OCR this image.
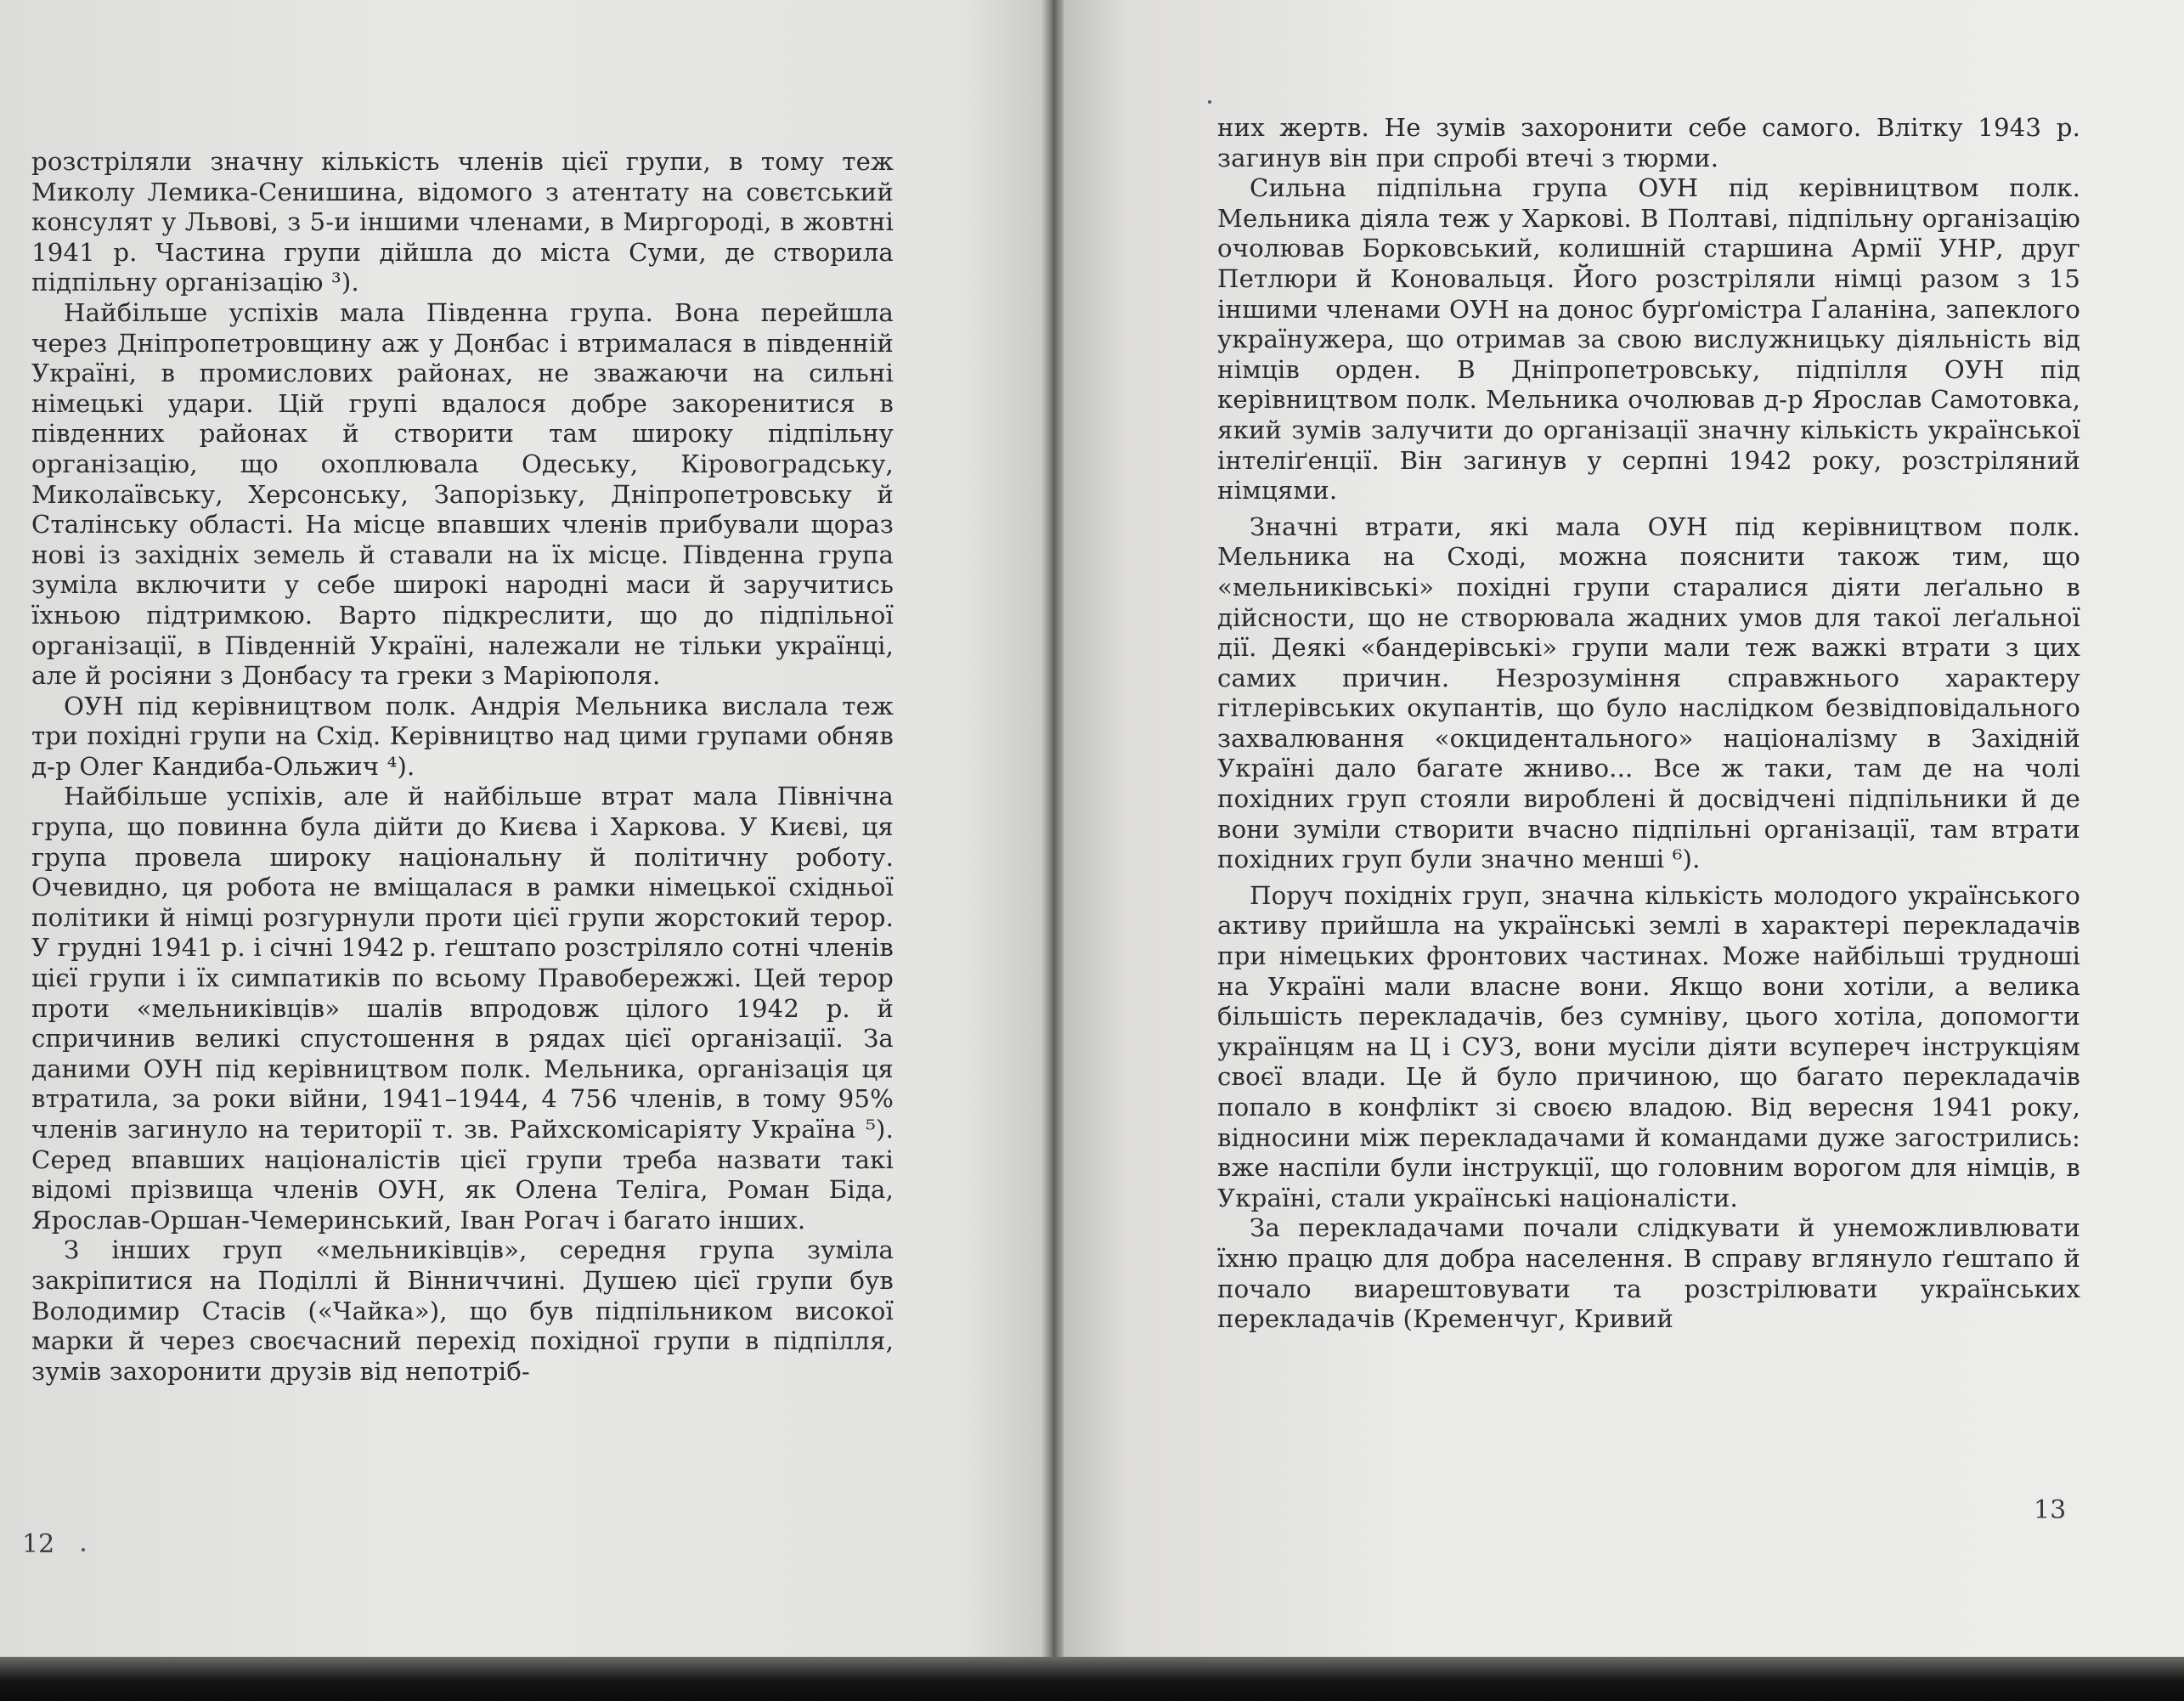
розстріляли значну кількість членів цієї групи, в тому теж Миколу Лемика-Сенишина, відомого з атентату на совєтський консулят у Львові, з 5-и іншими членами, в Миргороді, в жовтні 1941 р. Частина групи дійшла до міста Суми, де створила підпільну організацію ³).

Найбільше успіхів мала Південна група. Вона перейшла через Дніпропетровщину аж у Донбас і втрималася в південній Україні, в промислових районах, не зважаючи на сильні німецькі удари. Цій групі вдалося добре закоренитися в південних районах й створити там широку підпільну організацію, що охоплювала Одеську, Кіровоградську, Миколаївську, Херсонську, Запорізьку, Дніпропетровську й Сталінську області. На місце впавших членів прибували щораз нові із західніх земель й ставали на їх місце. Південна група зуміла включити у себе широкі народні маси й заручитись їхньою підтримкою. Варто підкреслити, що до підпільної організації, в Південній Україні, належали не тільки українці, але й росіяни з Донбасу та греки з Маріюполя.

ОУН під керівництвом полк. Андрія Мельника вислала теж три похідні групи на Схід. Керівництво над цими групами обняв д-р Олег Кандиба-Ольжич ⁴).

Найбільше успіхів, але й найбільше втрат мала Північна група, що повинна була дійти до Києва і Харкова. У Києві, ця група провела широку національну й політичну роботу. Очевидно, ця робота не вміщалася в рамки німецької східньої політики й німці розгурнули проти цієї групи жорстокий терор. У грудні 1941 р. і січні 1942 р. ґештапо розстріляло сотні членів цієї групи і їх симпатиків по всьому Правобережжі. Цей терор проти «мельниківців» шалів впродовж цілого 1942 р. й спричинив великі спустошення в рядах цієї організації. За даними ОУН під керівництвом полк. Мельника, організація ця втратила, за роки війни, 1941–1944, 4 756 членів, в тому 95% членів загинуло на території т. зв. Райхскомісаріяту Україна ⁵). Серед впавших націоналістів цієї групи треба назвати такі відомі прізвища членів ОУН, як Олена Теліга, Роман Біда, Ярослав-Оршан-Чемеринський, Іван Рогач і багато інших.

З інших груп «мельниківців», середня група зуміла закріпитися на Поділлі й Вінниччині. Душею цієї групи був Володимир Стасів («Чайка»), що був підпільником високої марки й через своєчасний перехід похідної групи в підпілля, зумів захоронити друзів від непотріб-

12

них жертв. Не зумів захоронити себе самого. Влітку 1943 р. загинув він при спробі втечі з тюрми.

Сильна підпільна група ОУН під керівництвом полк. Мельника діяла теж у Харкові. В Полтаві, підпільну організацію очолював Борковський, колишній старшина Армії УНР, друг Петлюри й Коновальця. Його розстріляли німці разом з 15 іншими членами ОУН на донос бурґомістра Ґаланіна, запеклого українужера, що отримав за свою вислужницьку діяльність від німців орден. В Дніпропетровську, підпілля ОУН під керівництвом полк. Мельника очолював д-р Ярослав Самотовка, який зумів залучити до організації значну кількість української інтеліґенції. Він загинув у серпні 1942 року, розстріляний німцями.

Значні втрати, які мала ОУН під керівництвом полк. Мельника на Сході, можна пояснити також тим, що «мельниківські» похідні групи старалися діяти леґально в дійсности, що не створювала жадних умов для такої леґальної дії. Деякі «бандерівські» групи мали теж важкі втрати з цих самих причин. Незрозуміння справжнього характеру гітлерівських окупантів, що було наслідком безвідповідального захвалювання «окцидентального» націоналізму в Західній Україні дало багате жниво... Все ж таки, там де на чолі похідних груп стояли вироблені й досвідчені підпільники й де вони зуміли створити вчасно підпільні організації, там втрати похідних груп були значно менші ⁶).

Поруч похідніх груп, значна кількість молодого українського активу прийшла на українські землі в характері перекладачів при німецьких фронтових частинах. Може найбільші трудноші на Україні мали власне вони. Якщо вони хотіли, а велика більшість перекладачів, без сумніву, цього хотіла, допомогти українцям на Ц і СУЗ, вони мусіли діяти всупереч інструкціям своєї влади. Це й було причиною, що багато перекладачів попало в конфлікт зі своєю владою. Від вересня 1941 року, відносини між перекладачами й командами дуже загострились: вже наспіли були інструкції, що головним ворогом для німців, в Україні, стали українські націоналісти.

За перекладачами почали слідкувати й унеможливлювати їхню працю для добра населення. В справу вглянуло ґештапо й почало виарештовувати та розстрілювати українських перекладачів (Кременчуг, Кривий

13
